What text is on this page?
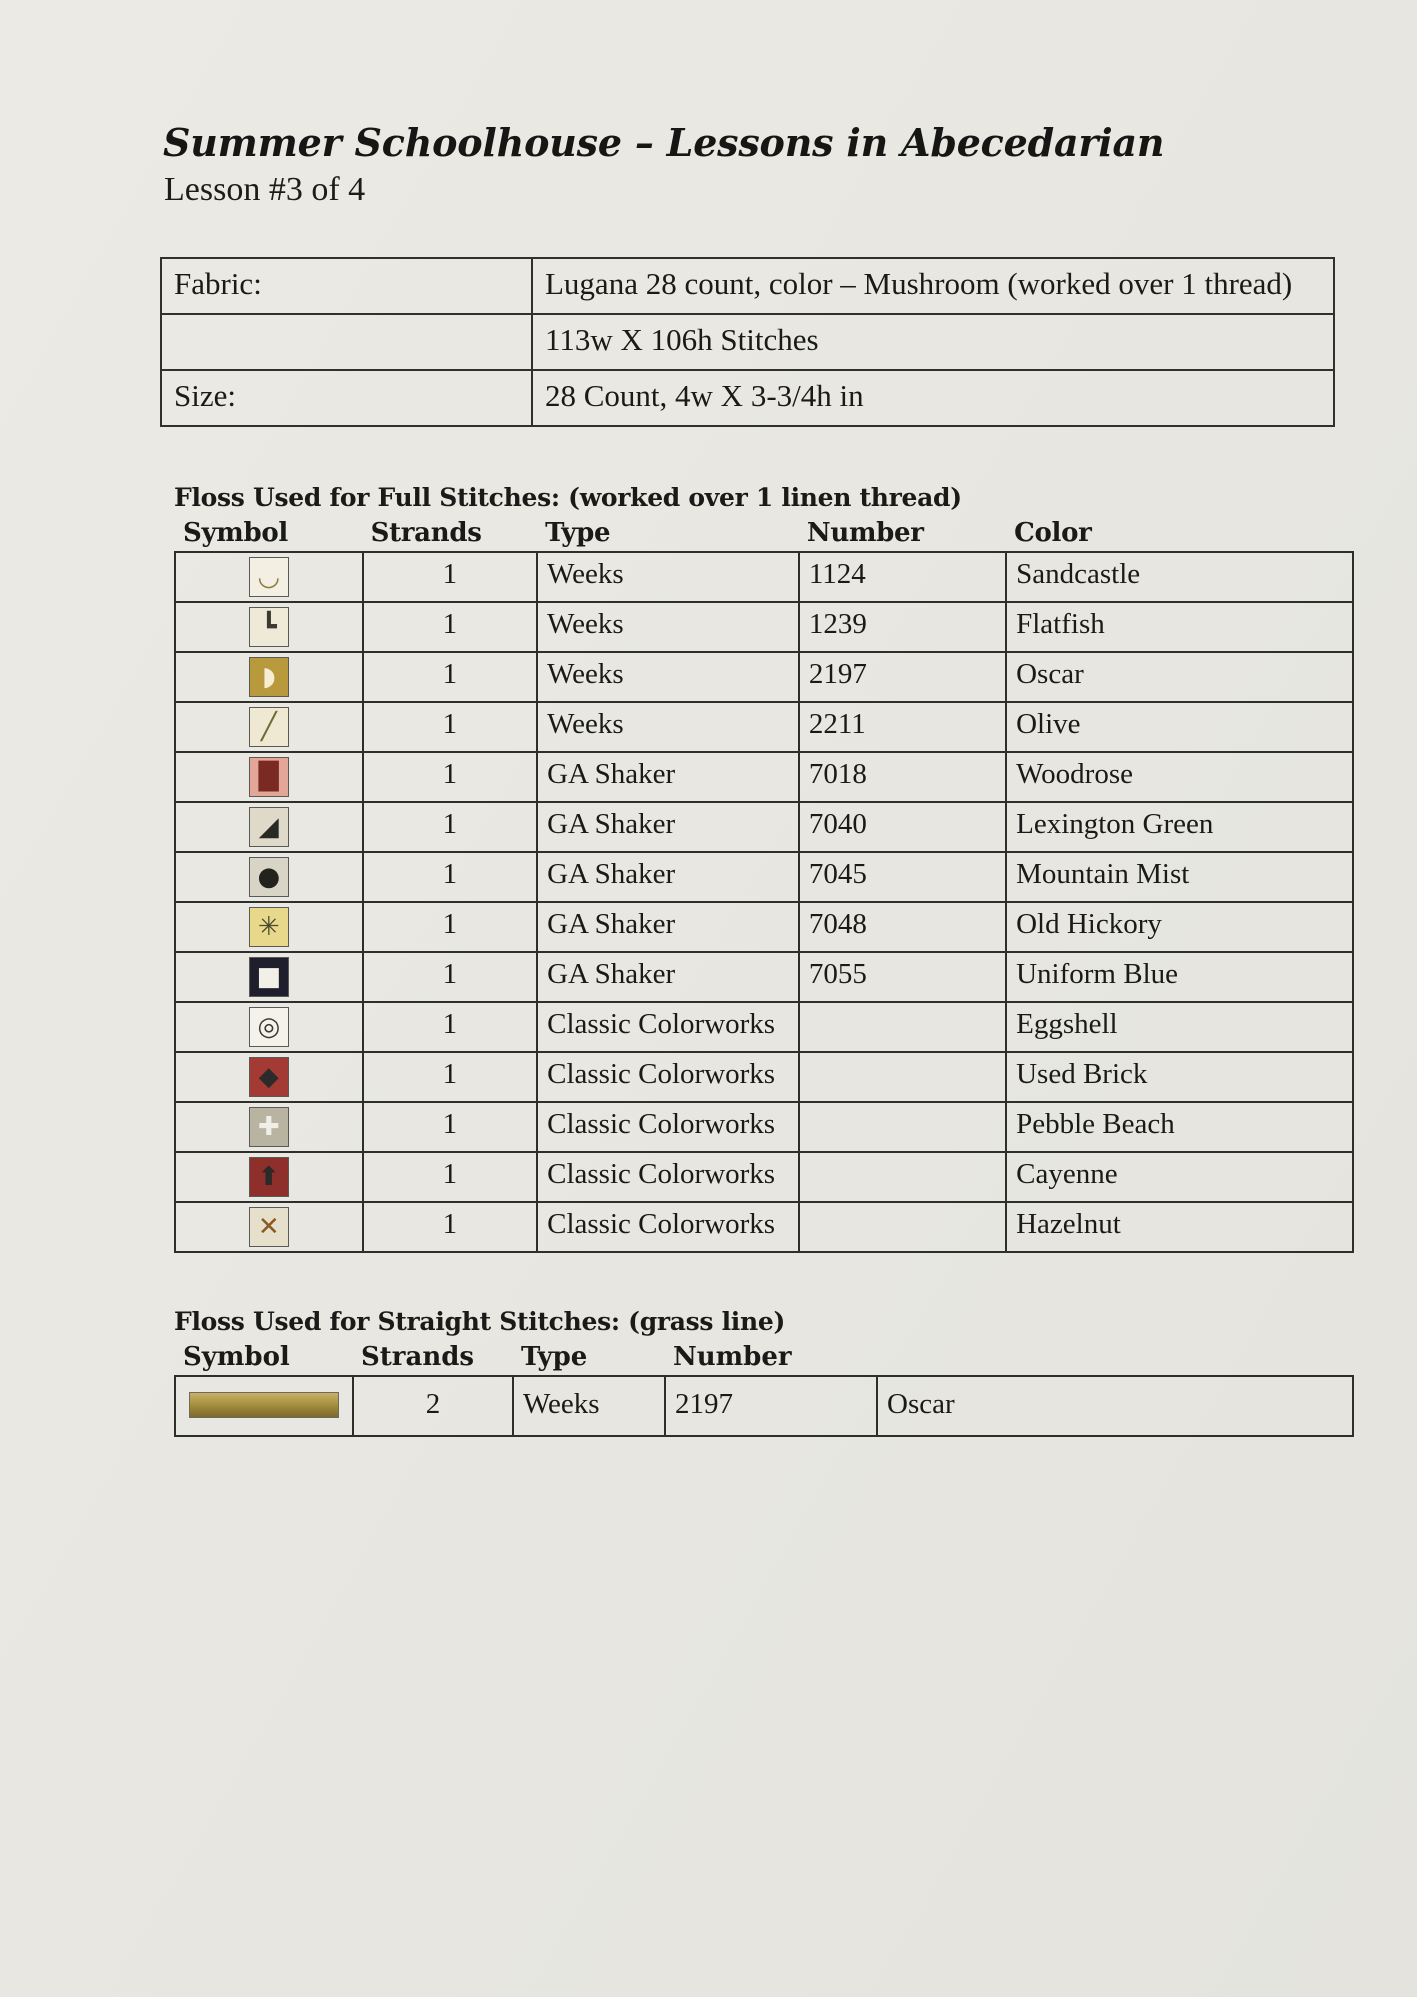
Summer Schoolhouse – Lessons in Abecedarian
Lesson #3 of 4
Fabric:	Lugana 28 count, color – Mushroom (worked over 1 thread)
	113w X 106h Stitches
Size:	28 Count, 4w X 3-3/4h in
Floss Used for Full Stitches: (worked over 1 linen thread)
Symbol	Strands	Type	Number	Color

◡	1	Weeks	1124	Sandcastle

┗	1	Weeks	1239	Flatfish

◗	1	Weeks	2197	Oscar

╱	1	Weeks	2211	Olive

█	1	GA Shaker	7018	Woodrose

◢	1	GA Shaker	7040	Lexington Green

●	1	GA Shaker	7045	Mountain Mist

✳	1	GA Shaker	7048	Old Hickory

■	1	GA Shaker	7055	Uniform Blue

◎	1	Classic Colorworks		Eggshell

◆	1	Classic Colorworks		Used Brick

✚	1	Classic Colorworks		Pebble Beach

⬆	1	Classic Colorworks		Cayenne

✕	1	Classic Colorworks		Hazelnut
Floss Used for Straight Stitches: (grass line)
Symbol	Strands	Type	Number	

	2	Weeks	2197	Oscar
